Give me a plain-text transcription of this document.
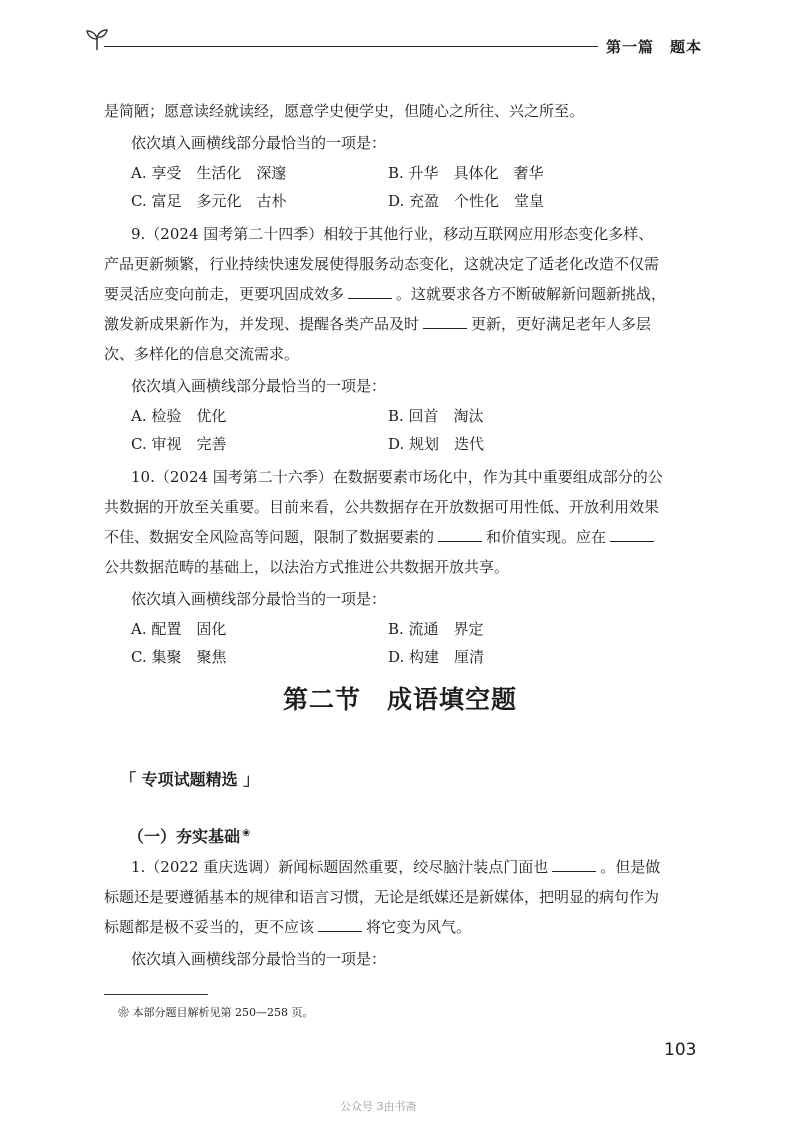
第一篇　题本
是简陋；愿意读经就读经，愿意学史便学史，但随心之所往、兴之所至。
依次填入画横线部分最恰当的一项是：
A. 享受　生活化　深邃	B. 升华　具体化　奢华
C. 富足　多元化　古朴	D. 充盈　个性化　堂皇
9.（2024 国考第二十四季）相较于其他行业，移动互联网应用形态变化多样、
产品更新频繁，行业持续快速发展使得服务动态变化，这就决定了适老化改造不仅需
要灵活应变向前走，更要巩固成效多	。这就要求各方不断破解新问题新挑战，
激发新成果新作为，并发现、提醒各类产品及时	更新，更好满足老年人多层
次、多样化的信息交流需求。
依次填入画横线部分最恰当的一项是：
A. 检验　优化	B. 回首　淘汰
C. 审视　完善	D. 规划　迭代
10.（2024 国考第二十六季）在数据要素市场化中，作为其中重要组成部分的公
共数据的开放至关重要。目前来看，公共数据存在开放数据可用性低、开放利用效果
不佳、数据安全风险高等问题，限制了数据要素的	和价值实现。应在
公共数据范畴的基础上，以法治方式推进公共数据开放共享。
依次填入画横线部分最恰当的一项是：
A. 配置　固化	B. 流通　界定
C. 集聚　聚焦	D. 构建　厘清
第二节　成语填空题
「 专项试题精选 」
（一）夯实基础 ❀
1.（2022 重庆选调）新闻标题固然重要，绞尽脑汁装点门面也	。但是做
标题还是要遵循基本的规律和语言习惯，无论是纸媒还是新媒体，把明显的病句作为
标题都是极不妥当的，更不应该	将它变为风气。
依次填入画横线部分最恰当的一项是：
❀ 本部分题目解析见第 250—258 页。
103
公众号 3由书斋
